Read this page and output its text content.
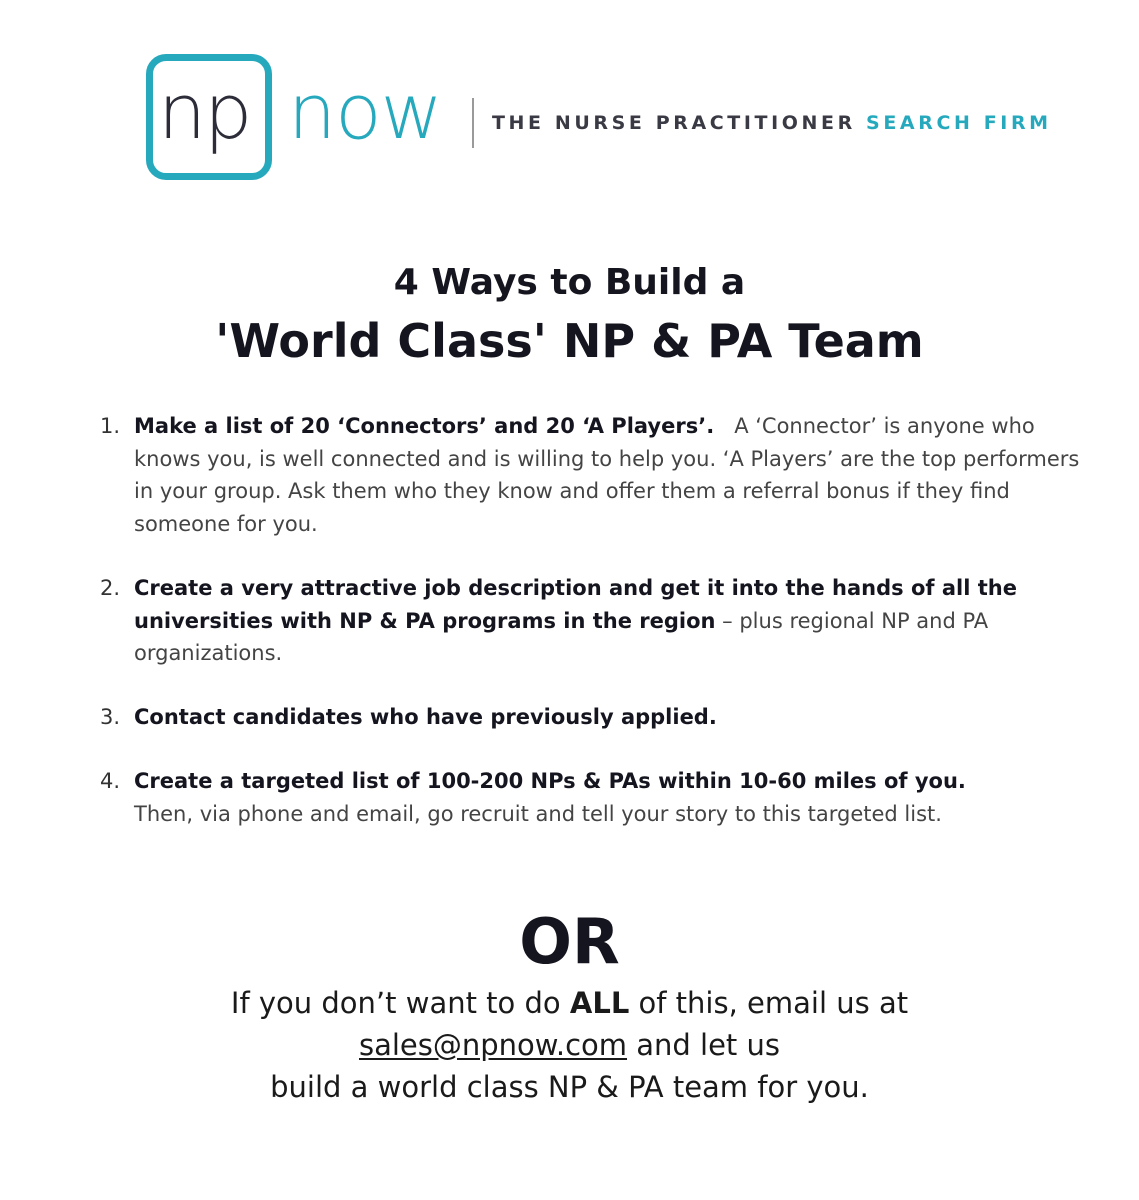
np now	THE NURSE PRACTITIONER SEARCH FIRM
4 Ways to Build a
'World Class' NP & PA Team
1. Make a list of 20 ‘Connectors’ and 20 ‘A Players’. A ‘Connector’ is anyone who knows you, is well connected and is willing to help you. ‘A Players’ are the top performers in your group. Ask them who they know and offer them a referral bonus if they find someone for you.
2. Create a very attractive job description and get it into the hands of all the universities with NP & PA programs in the region – plus regional NP and PA organizations.
3. Contact candidates who have previously applied.
4. Create a targeted list of 100-200 NPs & PAs within 10-60 miles of you.  Then, via phone and email, go recruit and tell your story to this targeted list.
OR
If you don’t want to do ALL of this, email us at
sales@npnow.com and let us
build a world class NP & PA team for you.
